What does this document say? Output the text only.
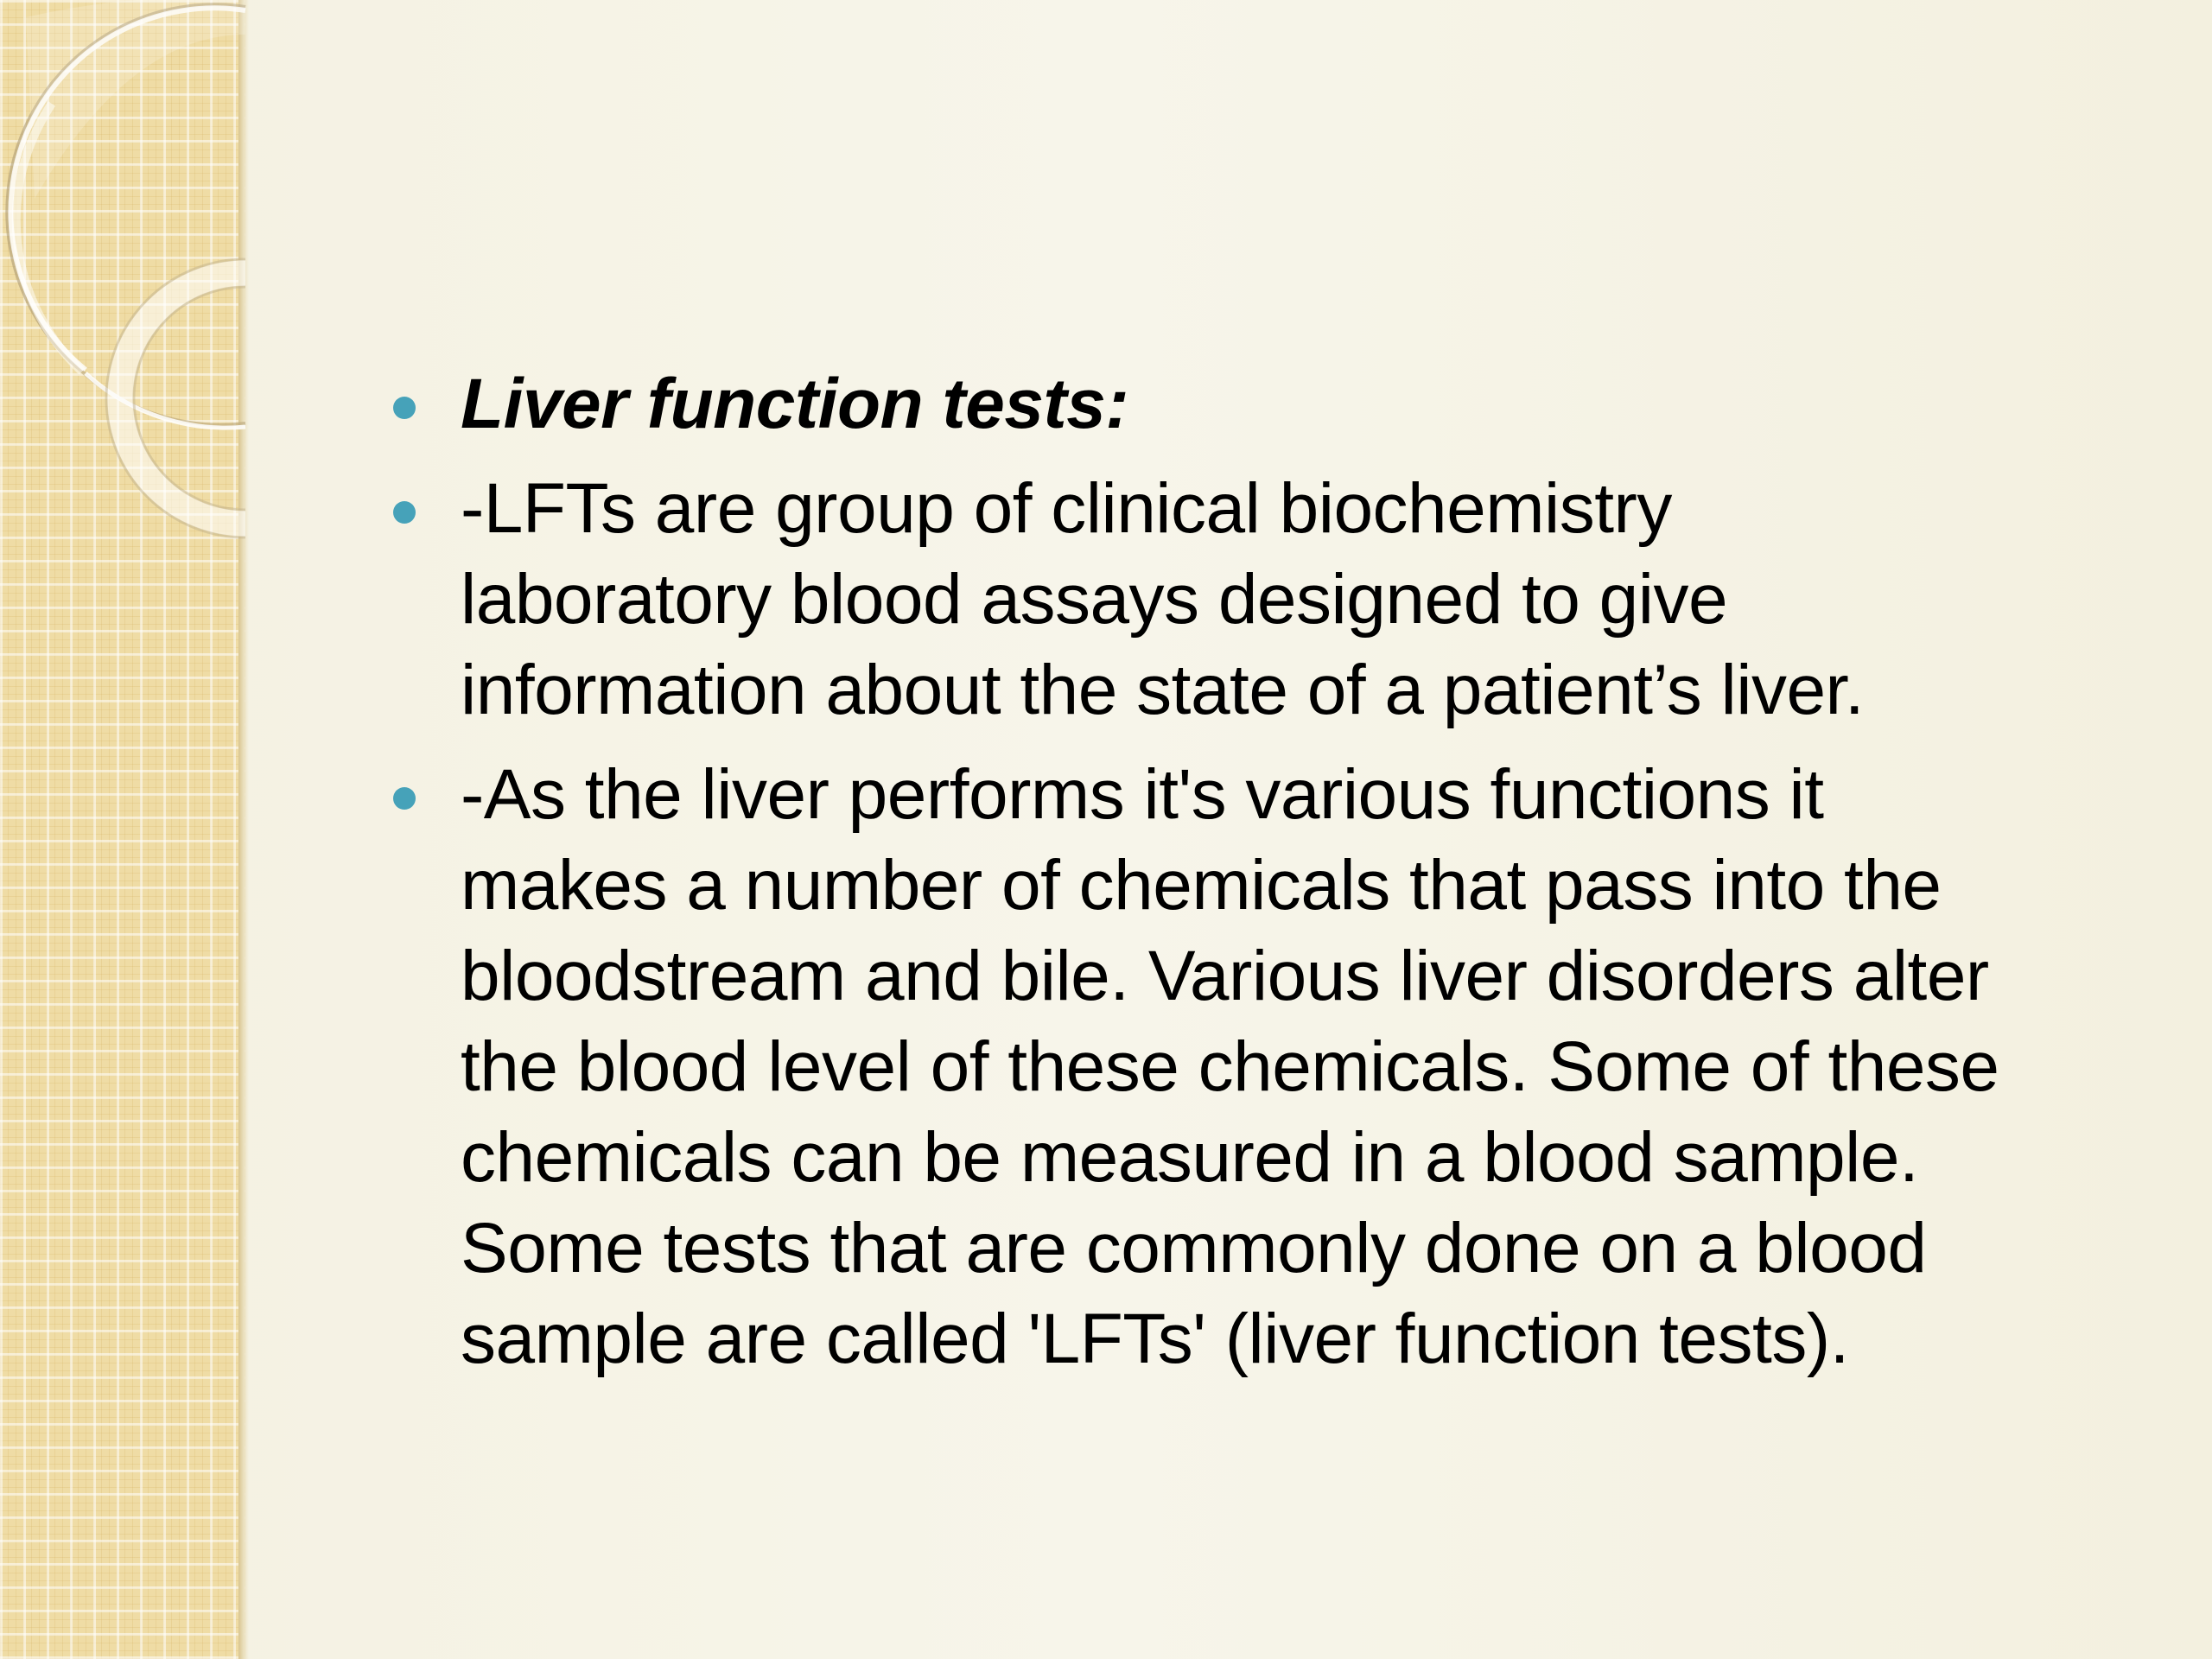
Liver function tests:
-LFTs are group of clinical biochemistry
laboratory blood assays designed to give
information about the state of a patient’s liver.
-As the liver performs it's various functions it
makes a number of chemicals that pass into the
bloodstream and bile. Various liver disorders alter
the blood level of these chemicals. Some of these
chemicals can be measured in a blood sample.
Some tests that are commonly done on a blood
sample are called 'LFTs' (liver function tests).
